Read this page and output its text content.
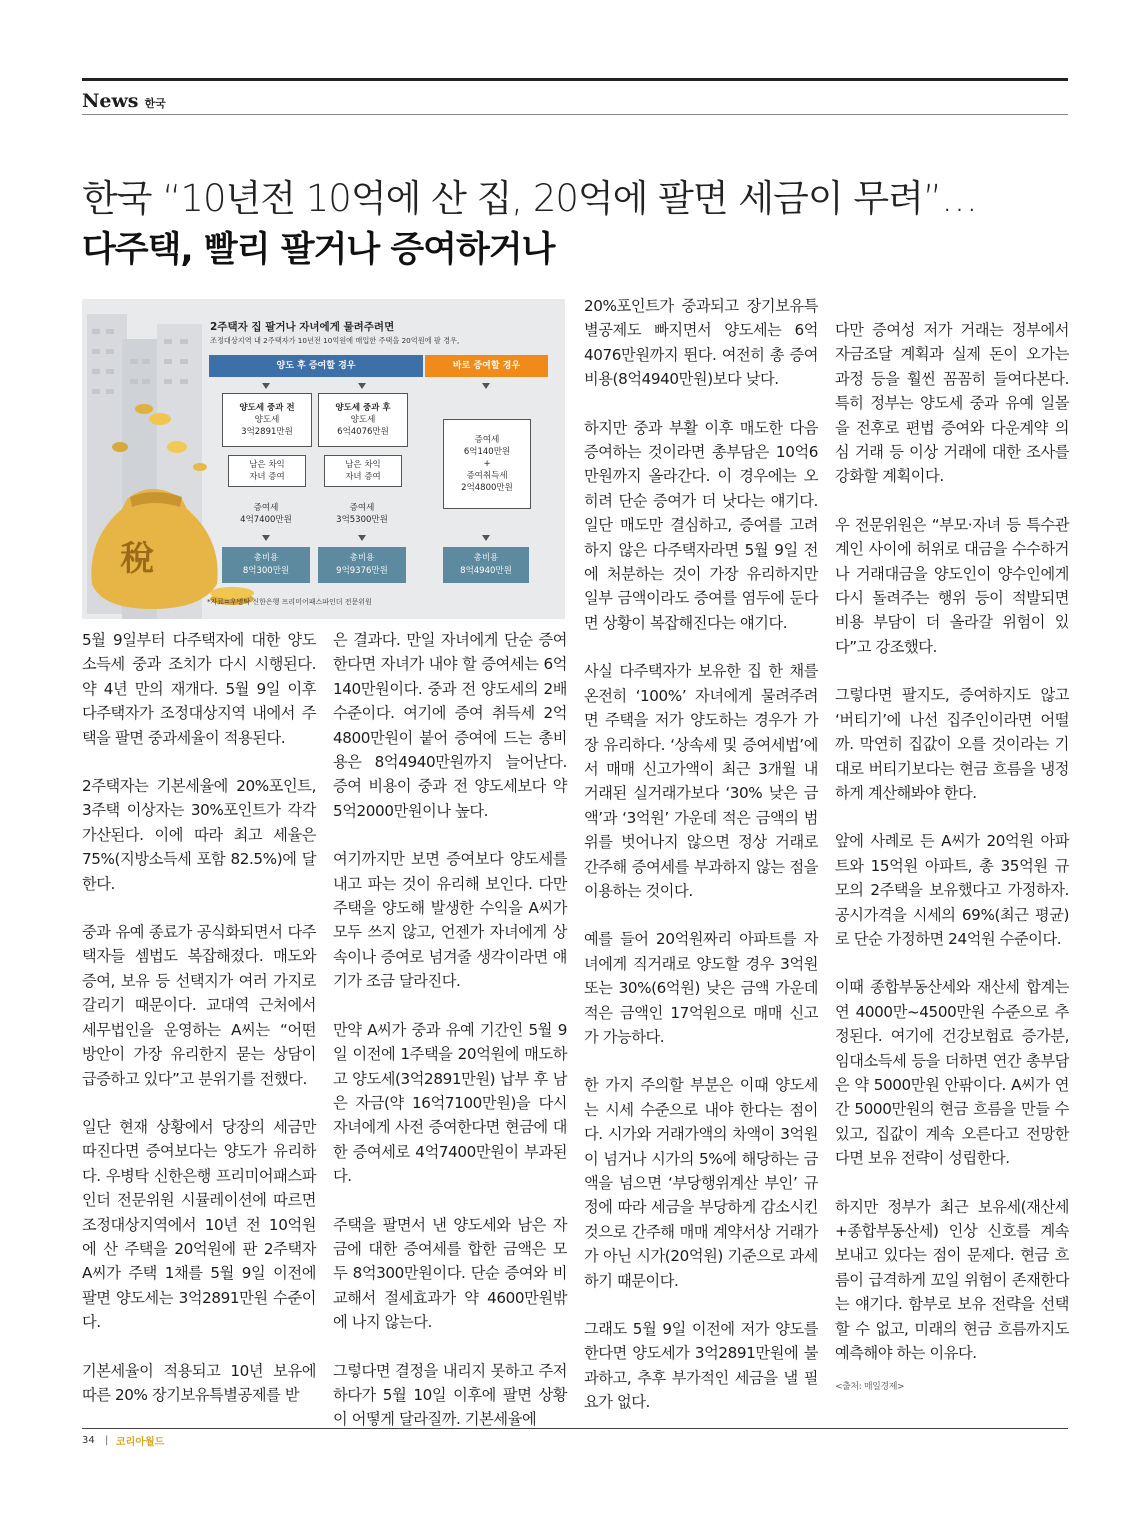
News 한국
한국 “10년전 10억에 산 집, 20억에 팔면 세금이 무려”…
다주택, 빨리 팔거나 증여하거나
稅
2주택자 집 팔거나 자녀에게 물려주려면
조정대상지역 내 2주택자가 10년전 10억원에 매입한 주택을 20억원에 팔 경우,
양도 후 증여할 경우	바로 증여할 경우
양도세 중과 전
양도세
3억2891만원
남은 차익
자녀 증여
증여세
4억7400만원
총비용
8억300만원
양도세 중과 후
양도세
6억4076만원
남은 차익
자녀 증여
증여세
3억5300만원
총비용
9억9376만원
증여세
6억140만원
+
증여취득세
2억4800만원
총비용
8억4940만원
*자료=우병탁 신한은행 프리미어패스파인더 전문위원

5월 9일부터 다주택자에 대한 양도소득세 중과 조치가 다시 시행된다. 약 4년 만의 재개다. 5월 9일 이후 다주택자가 조정대상지역 내에서 주택을 팔면 중과세율이 적용된다.

2주택자는 기본세율에 20%포인트, 3주택 이상자는 30%포인트가 각각 가산된다. 이에 따라 최고 세율은 75%(지방소득세 포함 82.5%)에 달한다.

중과 유예 종료가 공식화되면서 다주택자들 셈법도 복잡해졌다. 매도와 증여, 보유 등 선택지가 여러 가지로 갈리기 때문이다. 교대역 근처에서 세무법인을 운영하는 A씨는 “어떤 방안이 가장 유리한지 묻는 상담이 급증하고 있다”고 분위기를 전했다.

일단 현재 상황에서 당장의 세금만 따진다면 증여보다는 양도가 유리하다. 우병탁 신한은행 프리미어패스파인더 전문위원 시뮬레이션에 따르면 조정대상지역에서 10년 전 10억원에 산 주택을 20억원에 판 2주택자 A씨가 주택 1채를 5월 9일 이전에 팔면 양도세는 3억2891만원 수준이다.

기본세율이 적용되고 10년 보유에 따른 20% 장기보유특별공제를 받

은 결과다. 만일 자녀에게 단순 증여한다면 자녀가 내야 할 증여세는 6억140만원이다. 중과 전 양도세의 2배 수준이다. 여기에 증여 취득세 2억4800만원이 붙어 증여에 드는 총비용은 8억4940만원까지 늘어난다. 증여 비용이 중과 전 양도세보다 약 5억2000만원이나 높다.

여기까지만 보면 증여보다 양도세를 내고 파는 것이 유리해 보인다. 다만 주택을 양도해 발생한 수익을 A씨가 모두 쓰지 않고, 언젠가 자녀에게 상속이나 증여로 넘겨줄 생각이라면 얘기가 조금 달라진다.

만약 A씨가 중과 유예 기간인 5월 9일 이전에 1주택을 20억원에 매도하고 양도세(3억2891만원) 납부 후 남은 자금(약 16억7100만원)을 다시 자녀에게 사전 증여한다면 현금에 대한 증여세로 4억7400만원이 부과된다.

주택을 팔면서 낸 양도세와 남은 자금에 대한 증여세를 합한 금액은 모두 8억300만원이다. 단순 증여와 비교해서 절세효과가 약 4600만원밖에 나지 않는다.

그렇다면 결정을 내리지 못하고 주저하다가 5월 10일 이후에 팔면 상황이 어떻게 달라질까. 기본세율에

20%포인트가 중과되고 장기보유특별공제도 빠지면서 양도세는 6억4076만원까지 뛴다. 여전히 총 증여비용(8억4940만원)보다 낮다.

하지만 중과 부활 이후 매도한 다음 증여하는 것이라면 총부담은 10억6만원까지 올라간다. 이 경우에는 오히려 단순 증여가 더 낫다는 얘기다. 일단 매도만 결심하고, 증여를 고려하지 않은 다주택자라면 5월 9일 전에 처분하는 것이 가장 유리하지만 일부 금액이라도 증여를 염두에 둔다면 상황이 복잡해진다는 얘기다.

사실 다주택자가 보유한 집 한 채를 온전히 ‘100%’ 자녀에게 물려주려면 주택을 저가 양도하는 경우가 가장 유리하다. ‘상속세 및 증여세법’에서 매매 신고가액이 최근 3개월 내 거래된 실거래가보다 ‘30% 낮은 금액’과 ‘3억원’ 가운데 적은 금액의 범위를 벗어나지 않으면 정상 거래로 간주해 증여세를 부과하지 않는 점을 이용하는 것이다.

예를 들어 20억원짜리 아파트를 자녀에게 직거래로 양도할 경우 3억원 또는 30%(6억원) 낮은 금액 가운데 적은 금액인 17억원으로 매매 신고가 가능하다.

한 가지 주의할 부분은 이때 양도세는 시세 수준으로 내야 한다는 점이다. 시가와 거래가액의 차액이 3억원이 넘거나 시가의 5%에 해당하는 금액을 넘으면 ‘부당행위계산 부인’ 규정에 따라 세금을 부당하게 감소시킨 것으로 간주해 매매 계약서상 거래가가 아닌 시가(20억원) 기준으로 과세하기 때문이다.

그래도 5월 9일 이전에 저가 양도를 한다면 양도세가 3억2891만원에 불과하고, 추후 부가적인 세금을 낼 필요가 없다.

다만 증여성 저가 거래는 정부에서 자금조달 계획과 실제 돈이 오가는 과정 등을 훨씬 꼼꼼히 들여다본다. 특히 정부는 양도세 중과 유예 일몰을 전후로 편법 증여와 다운계약 의심 거래 등 이상 거래에 대한 조사를 강화할 계획이다.

우 전문위원은 “부모·자녀 등 특수관계인 사이에 허위로 대금을 수수하거나 거래대금을 양도인이 양수인에게 다시 돌려주는 행위 등이 적발되면 비용 부담이 더 올라갈 위험이 있다”고 강조했다.

그렇다면 팔지도, 증여하지도 않고 ‘버티기’에 나선 집주인이라면 어떨까. 막연히 집값이 오를 것이라는 기대로 버티기보다는 현금 흐름을 냉정하게 계산해봐야 한다.

앞에 사례로 든 A씨가 20억원 아파트와 15억원 아파트, 총 35억원 규모의 2주택을 보유했다고 가정하자. 공시가격을 시세의 69%(최근 평균)로 단순 가정하면 24억원 수준이다.

이때 종합부동산세와 재산세 합계는 연 4000만~4500만원 수준으로 추정된다. 여기에 건강보험료 증가분, 임대소득세 등을 더하면 연간 총부담은 약 5000만원 안팎이다. A씨가 연간 5000만원의 현금 흐름을 만들 수 있고, 집값이 계속 오른다고 전망한다면 보유 전략이 성립한다.

하지만 정부가 최근 보유세(재산세+종합부동산세) 인상 신호를 계속 보내고 있다는 점이 문제다. 현금 흐름이 급격하게 꼬일 위험이 존재한다는 얘기다. 함부로 보유 전략을 선택할 수 없고, 미래의 현금 흐름까지도 예측해야 하는 이유다.

<출처: 매일경제>
34 | 코리아월드
